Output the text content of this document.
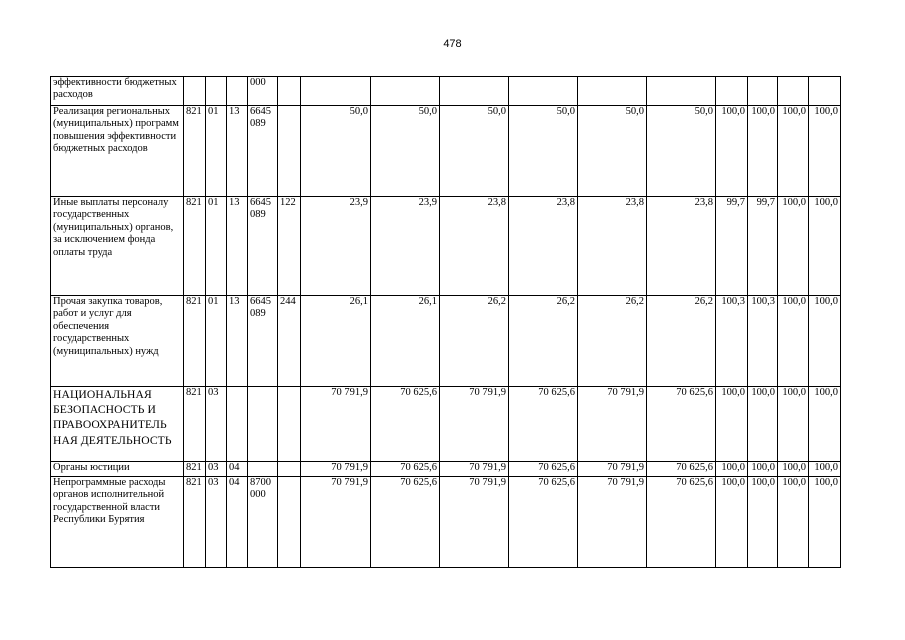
478
эффективности бюджетных расходов				000											
Реализация региональных (муниципальных) программ повышения эффективности бюджетных расходов	821	01	13	6645 089		50,0	50,0	50,0	50,0	50,0	50,0	100,0	100,0	100,0	100,0
Иные выплаты персоналу государственных (муниципальных) органов, за исключением фонда оплаты труда	821	01	13	6645 089	122	23,9	23,9	23,8	23,8	23,8	23,8	99,7	99,7	100,0	100,0
Прочая закупка товаров, работ и услуг для обеспечения государственных (муниципальных) нужд	821	01	13	6645 089	244	26,1	26,1	26,2	26,2	26,2	26,2	100,3	100,3	100,0	100,0
НАЦИОНАЛЬНАЯ БЕЗОПАСНОСТЬ И ПРАВООХРАНИТЕЛЬ НАЯ ДЕЯТЕЛЬНОСТЬ	821	03				70 791,9	70 625,6	70 791,9	70 625,6	70 791,9	70 625,6	100,0	100,0	100,0	100,0
Органы юстиции	821	03	04			70 791,9	70 625,6	70 791,9	70 625,6	70 791,9	70 625,6	100,0	100,0	100,0	100,0
Непрограммные расходы органов исполнительной государственной власти Республики Бурятия	821	03	04	8700 000		70 791,9	70 625,6	70 791,9	70 625,6	70 791,9	70 625,6	100,0	100,0	100,0	100,0
